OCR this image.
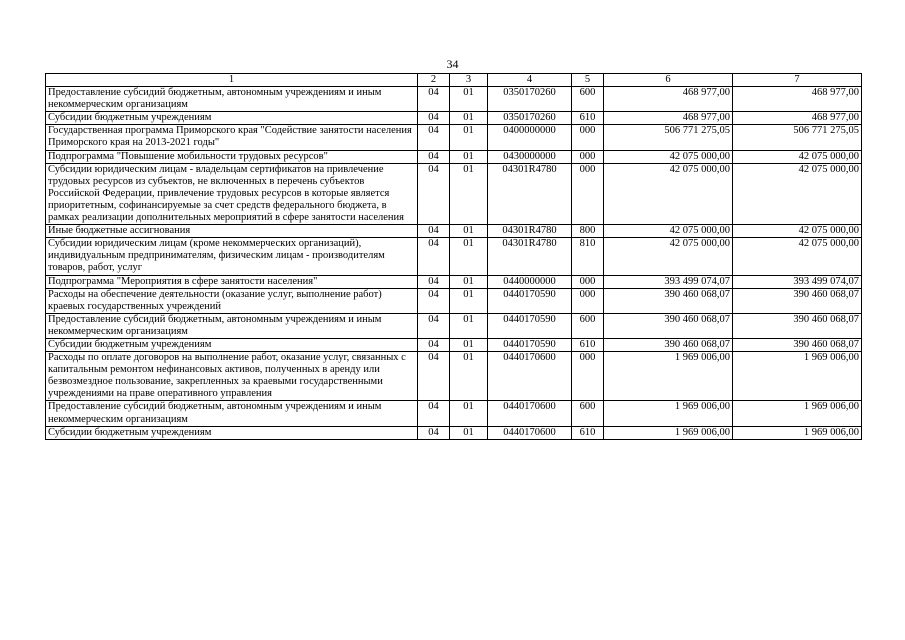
34
1	2	3	4	5	6	7
Предоставление субсидий бюджетным, автономным учреждениям и иным некоммерческим организациям	04	01	0350170260	600	468 977,00	468 977,00
Субсидии бюджетным учреждениям	04	01	0350170260	610	468 977,00	468 977,00
Государственная программа Приморского края "Содействие занятости населения Приморского края на 2013-2021 годы"	04	01	0400000000	000	506 771 275,05	506 771 275,05
Подпрограмма "Повышение мобильности трудовых ресурсов"	04	01	0430000000	000	42 075 000,00	42 075 000,00
Субсидии юридическим лицам - владельцам сертификатов на привлечение трудовых ресурсов из субъектов, не включенных в перечень субъектов Российской Федерации, привлечение трудовых ресурсов в которые является приоритетным, софинансируемые за счет средств федерального бюджета, в рамках реализации дополнительных мероприятий в сфере занятости населения	04	01	04301R4780	000	42 075 000,00	42 075 000,00
Иные бюджетные ассигнования	04	01	04301R4780	800	42 075 000,00	42 075 000,00
Субсидии юридическим лицам (кроме некоммерческих организаций), индивидуальным предпринимателям, физическим лицам - производителям товаров, работ, услуг	04	01	04301R4780	810	42 075 000,00	42 075 000,00
Подпрограмма "Мероприятия в сфере занятости населения"	04	01	0440000000	000	393 499 074,07	393 499 074,07
Расходы на обеспечение деятельности (оказание услуг, выполнение работ) краевых государственных учреждений	04	01	0440170590	000	390 460 068,07	390 460 068,07
Предоставление субсидий бюджетным, автономным учреждениям и иным некоммерческим организациям	04	01	0440170590	600	390 460 068,07	390 460 068,07
Субсидии бюджетным учреждениям	04	01	0440170590	610	390 460 068,07	390 460 068,07
Расходы по оплате договоров на выполнение работ, оказание услуг, связанных с капитальным ремонтом нефинансовых активов, полученных в аренду или безвозмездное пользование, закрепленных за краевыми государственными учреждениями на праве оперативного управления	04	01	0440170600	000	1 969 006,00	1 969 006,00
Предоставление субсидий бюджетным, автономным учреждениям и иным некоммерческим организациям	04	01	0440170600	600	1 969 006,00	1 969 006,00
Субсидии бюджетным учреждениям	04	01	0440170600	610	1 969 006,00	1 969 006,00
